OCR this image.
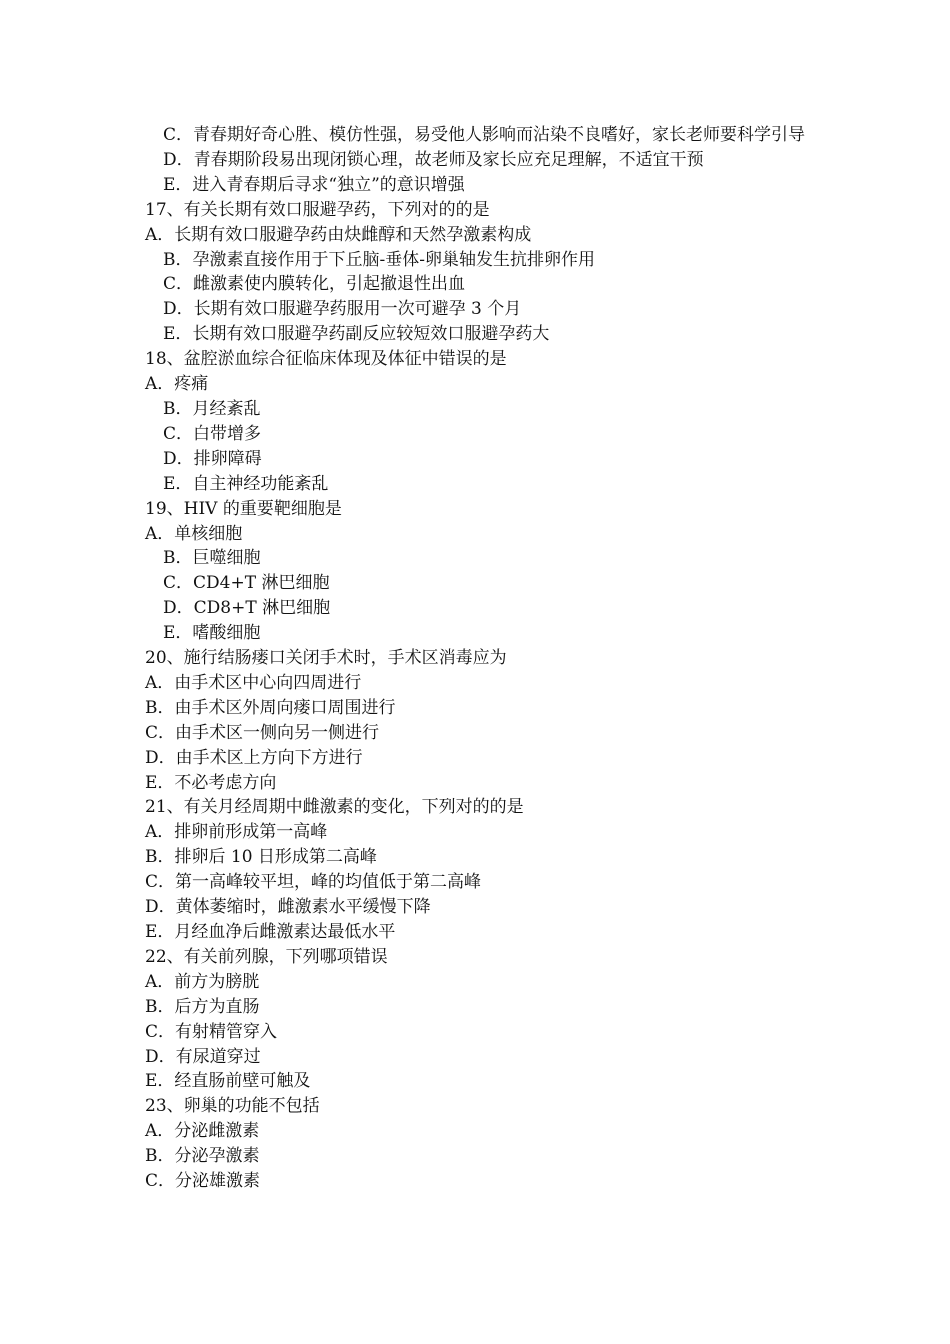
C．青春期好奇心胜、模仿性强，易受他人影响而沾染不良嗜好，家长老师要科学引导
D．青春期阶段易出现闭锁心理，故老师及家长应充足理解，不适宜干预
E．进入青春期后寻求“独立”的意识增强
17、有关长期有效口服避孕药，下列对的的是
A．长期有效口服避孕药由炔雌醇和天然孕激素构成
B．孕激素直接作用于下丘脑-垂体-卵巢轴发生抗排卵作用
C．雌激素使内膜转化，引起撤退性出血
D．长期有效口服避孕药服用一次可避孕 3 个月
E．长期有效口服避孕药副反应较短效口服避孕药大
18、盆腔淤血综合征临床体现及体征中错误的是
A．疼痛
B．月经紊乱
C．白带增多
D．排卵障碍
E．自主神经功能紊乱
19、HIV 的重要靶细胞是
A．单核细胞
B．巨噬细胞
C．CD4+T 淋巴细胞
D．CD8+T 淋巴细胞
E．嗜酸细胞
20、施行结肠瘘口关闭手术时，手术区消毒应为
A．由手术区中心向四周进行
B．由手术区外周向瘘口周围进行
C．由手术区一侧向另一侧进行
D．由手术区上方向下方进行
E．不必考虑方向
21、有关月经周期中雌激素的变化，下列对的的是
A．排卵前形成第一高峰
B．排卵后 10 日形成第二高峰
C．第一高峰较平坦，峰的均值低于第二高峰
D．黄体萎缩时，雌激素水平缓慢下降
E．月经血净后雌激素达最低水平
22、有关前列腺，下列哪项错误
A．前方为膀胱
B．后方为直肠
C．有射精管穿入
D．有尿道穿过
E．经直肠前壁可触及
23、卵巢的功能不包括
A．分泌雌激素
B．分泌孕激素
C．分泌雄激素
